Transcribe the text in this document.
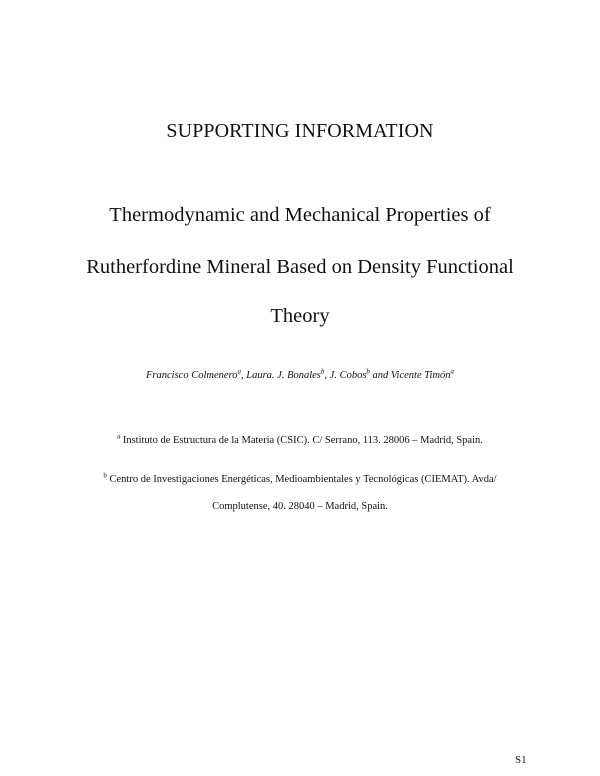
SUPPORTING INFORMATION
Thermodynamic and Mechanical Properties of
Rutherfordine Mineral Based on Density Functional
Theory
Francisco Colmenero$^a$, Laura. J. Bonales$^b$, J. Cobos$^b$ and Vicente Timón$^a$
$^a$ Instituto de Estructura de la Materia (CSIC). C/ Serrano, 113. 28006 – Madrid, Spain.
$^b$ Centro de Investigaciones Energéticas, Medioambientales y Tecnológicas (CIEMAT). Avda/
Complutense, 40. 28040 – Madrid, Spain.
S1
